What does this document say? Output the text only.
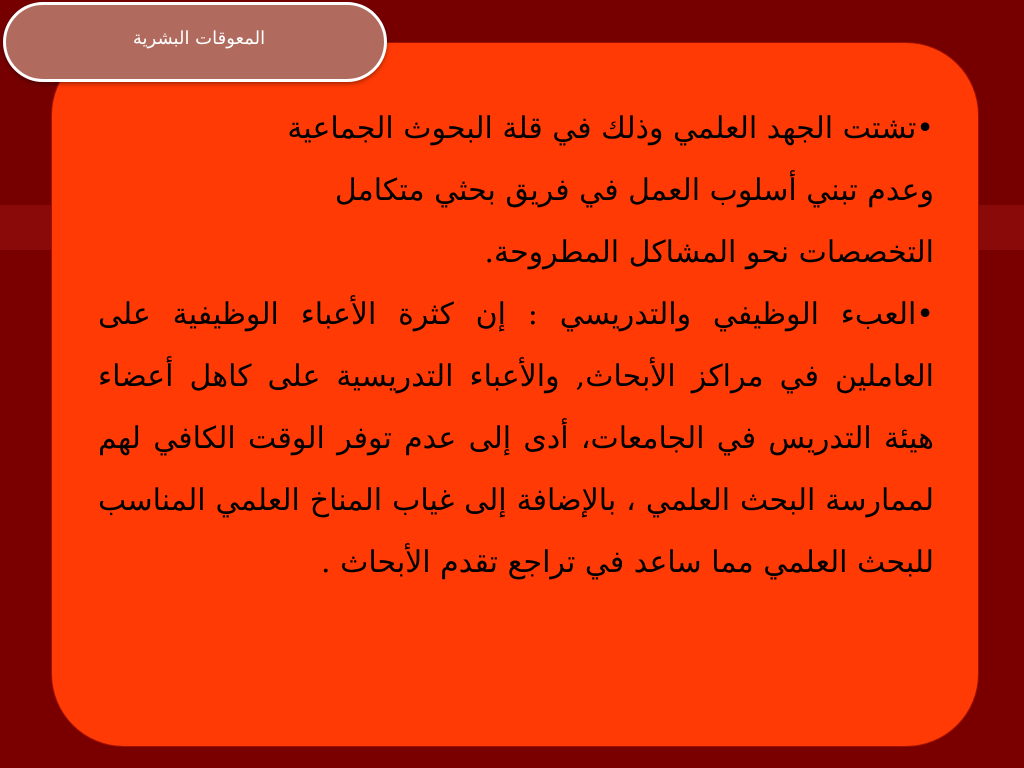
المعوقات البشرية

•تشتت الجهد العلمي وذلك في قلة البحوث الجماعية وعدم تبني أسلوب العمل في فريق بحثي متكامل التخصصات نحو المشاكل المطروحة.

•العبء الوظيفي والتدريسي : إن كثرة الأعباء الوظيفية على العاملين في مراكز الأبحاث, والأعباء التدريسية على كاهل أعضاء هيئة التدريس في الجامعات، أدى إلى عدم توفر الوقت الكافي لهم لممارسة البحث العلمي ، بالإضافة إلى غياب المناخ العلمي المناسب للبحث العلمي مما ساعد في تراجع تقدم الأبحاث .
